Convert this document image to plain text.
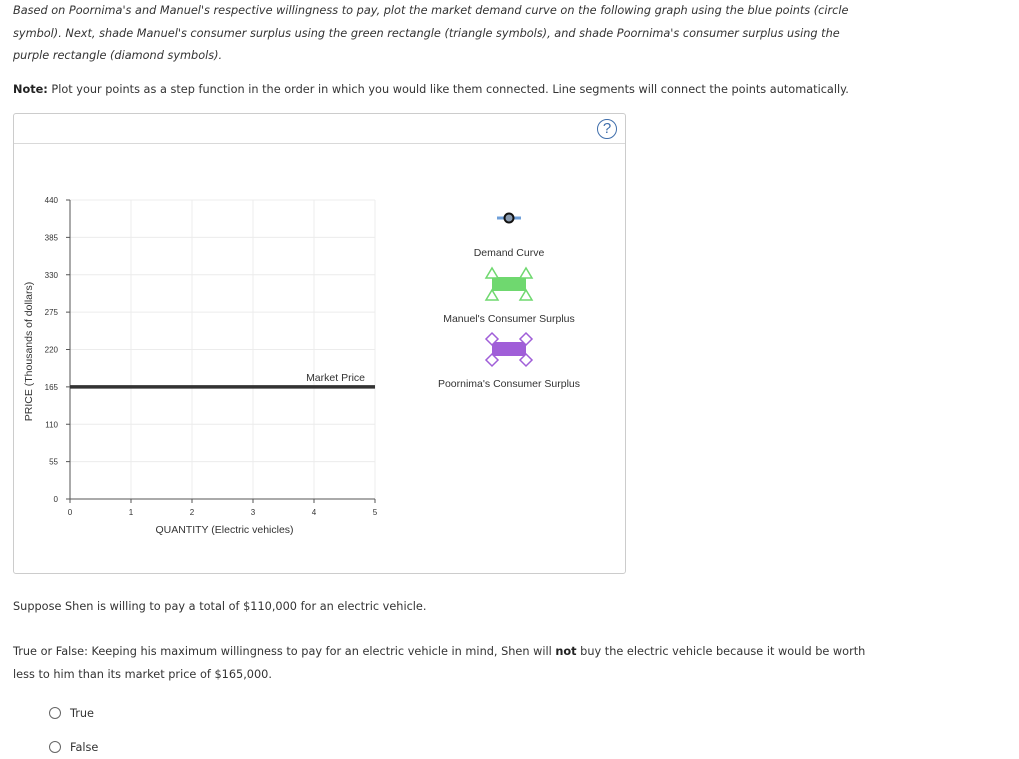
Based on Poornima's and Manuel's respective willingness to pay, plot the market demand curve on the following graph using the blue points (circle symbol). Next, shade Manuel's consumer surplus using the green rectangle (triangle symbols), and shade Poornima's consumer surplus using the purple rectangle (diamond symbols).
Note: Plot your points as a step function in the order in which you would like them connected. Line segments will connect the points automatically.
?
0
55
110
165
220
275
330
385
440
0	1	2	3	4	5
QUANTITY (Electric vehicles)
PRICE (Thousands of dollars)	Market Price
Demand Curve
Manuel's Consumer Surplus
Poornima's Consumer Surplus
Suppose Shen is willing to pay a total of $110,000 for an electric vehicle.
True or False: Keeping his maximum willingness to pay for an electric vehicle in mind, Shen will not buy the electric vehicle because it would be worth less to him than its market price of $165,000.
True
False
